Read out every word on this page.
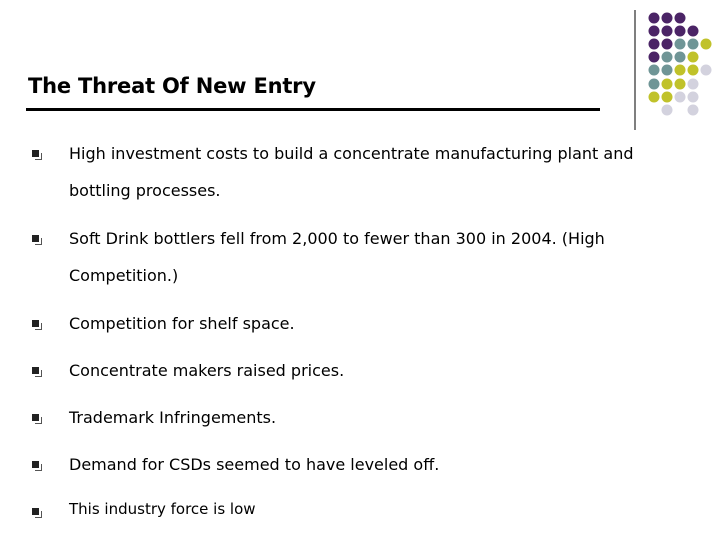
The Threat Of New Entry
High investment costs to build a concentrate manufacturing plant and
bottling processes.
Soft Drink bottlers fell from 2,000 to fewer than 300 in 2004. (High
Competition.)
Competition for shelf space.
Concentrate makers raised prices.
Trademark Infringements.
Demand for CSDs seemed to have leveled off.
This industry force is low
